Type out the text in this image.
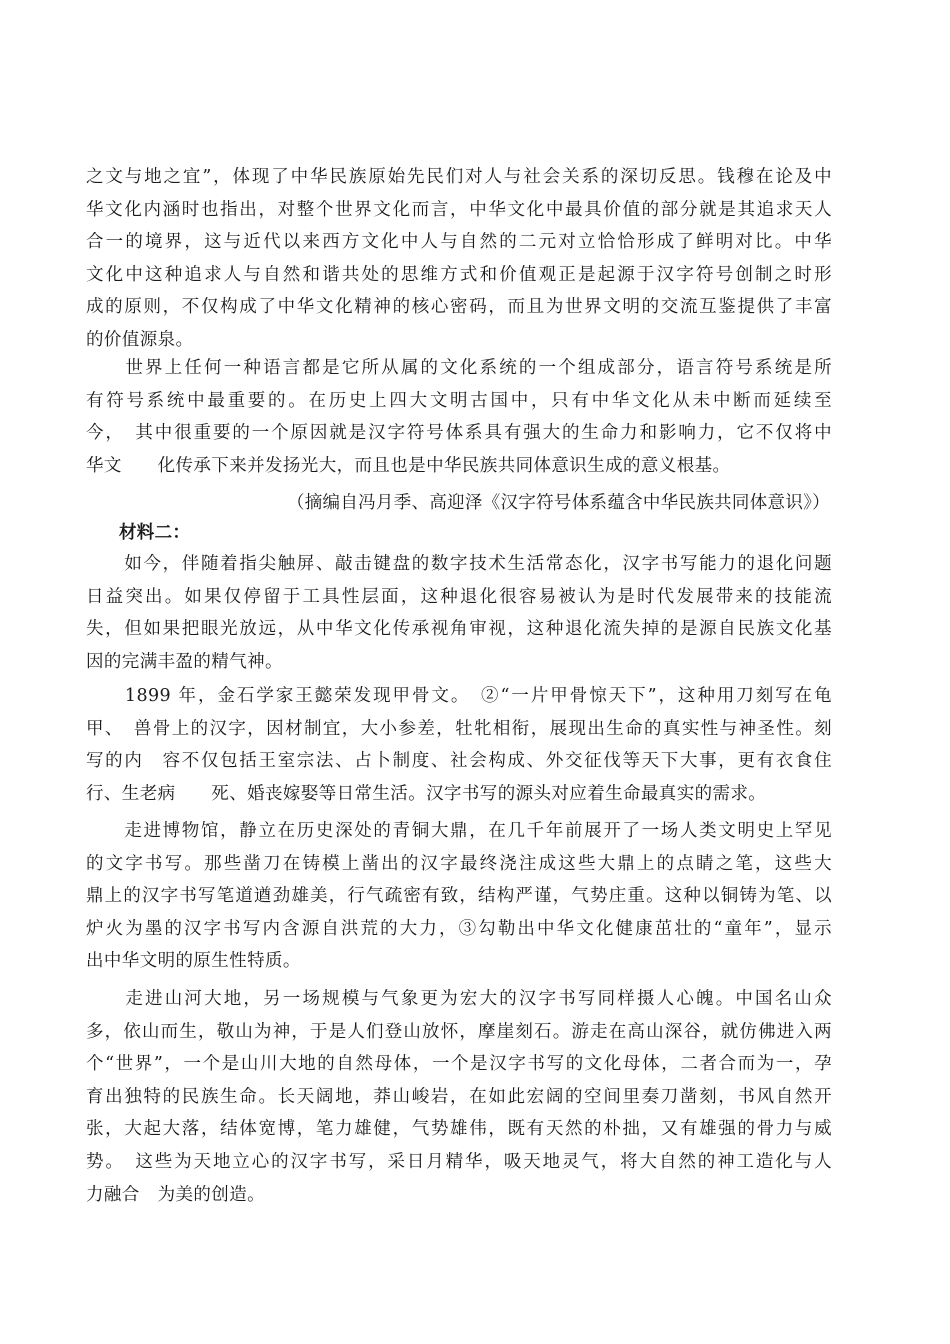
之文与地之宜”，体现了中华民族原始先民们对人与社会关系的深切反思。钱穆在论及中
华文化内涵时也指出，对整个世界文化而言，中华文化中最具价值的部分就是其追求天人
合一的境界，这与近代以来西方文化中人与自然的二元对立恰恰形成了鲜明对比。中华
文化中这种追求人与自然和谐共处的思维方式和价值观正是起源于汉字符号创制之时形
成的原则，不仅构成了中华文化精神的核心密码，而且为世界文明的交流互鉴提供了丰富
的价值源泉。
　　世界上任何一种语言都是它所从属的文化系统的一个组成部分，语言符号系统是所
有符号系统中最重要的。在历史上四大文明古国中，只有中华文化从未中断而延续至
今，　其中很重要的一个原因就是汉字符号体系具有强大的生命力和影响力，它不仅将中
华文　　化传承下来并发扬光大，而且也是中华民族共同体意识生成的意义根基。
（摘编自冯月季、高迎泽《汉字符号体系蕴含中华民族共同体意识》）
材料二：
　　如今，伴随着指尖触屏、敲击键盘的数字技术生活常态化，汉字书写能力的退化问题
日益突出。如果仅停留于工具性层面，这种退化很容易被认为是时代发展带来的技能流
失，但如果把眼光放远，从中华文化传承视角审视，这种退化流失掉的是源自民族文化基
因的完满丰盈的精气神。
　　1899 年，金石学家王懿荣发现甲骨文。　②“一片甲骨惊天下”，这种用刀刻写在龟
甲、　兽骨上的汉字，因材制宜，大小参差，牡牝相衔，展现出生命的真实性与神圣性。刻
写的内　容不仅包括王室宗法、占卜制度、社会构成、外交征伐等天下大事，更有衣食住
行、生老病　　死、婚丧嫁娶等日常生活。汉字书写的源头对应着生命最真实的需求。
　　走进博物馆，静立在历史深处的青铜大鼎，在几千年前展开了一场人类文明史上罕见
的文字书写。那些凿刀在铸模上凿出的汉字最终浇注成这些大鼎上的点睛之笔，这些大
鼎上的汉字书写笔道遒劲雄美，行气疏密有致，结构严谨，气势庄重。这种以铜铸为笔、以
炉火为墨的汉字书写内含源自洪荒的大力，③勾勒出中华文化健康茁壮的“童年”，显示
出中华文明的原生性特质。
　　走进山河大地，另一场规模与气象更为宏大的汉字书写同样摄人心魄。中国名山众
多，依山而生，敬山为神，于是人们登山放怀，摩崖刻石。游走在高山深谷，就仿佛进入两
个“世界”，一个是山川大地的自然母体，一个是汉字书写的文化母体，二者合而为一，孕
育出独特的民族生命。长天阔地，莽山峻岩，在如此宏阔的空间里奏刀凿刻，书风自然开
张，大起大落，结体宽博，笔力雄健，气势雄伟，既有天然的朴拙，又有雄强的骨力与威
势。　这些为天地立心的汉字书写，采日月精华，吸天地灵气，将大自然的神工造化与人
力融合　为美的创造。
